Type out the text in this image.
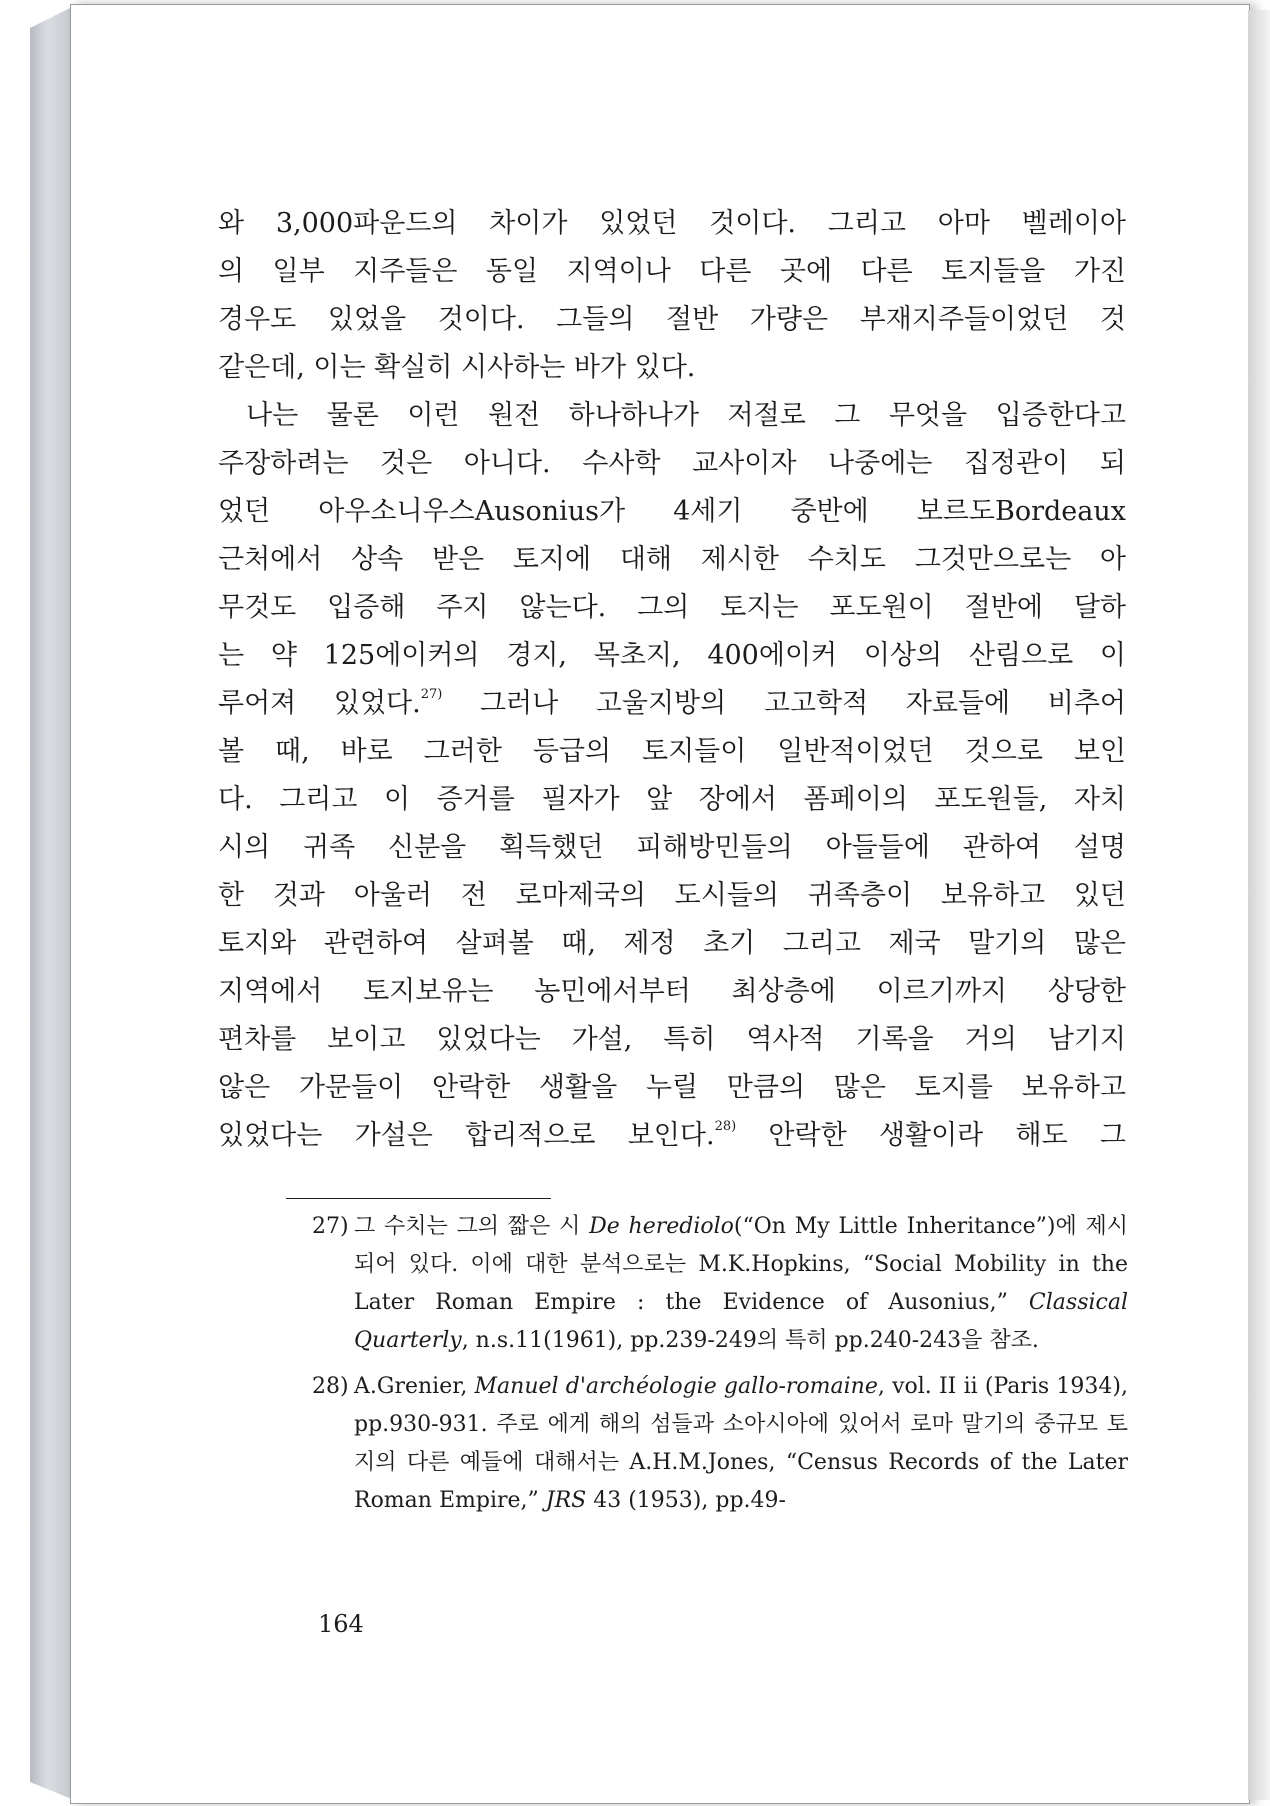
와 3,000파운드의 차이가 있었던 것이다. 그리고 아마 벨레이아

의 일부 지주들은 동일 지역이나 다른 곳에 다른 토지들을 가진

경우도 있었을 것이다. 그들의 절반 가량은 부재지주들이었던 것

같은데, 이는 확실히 시사하는 바가 있다.

나는 물론 이런 원전 하나하나가 저절로 그 무엇을 입증한다고

주장하려는 것은 아니다. 수사학 교사이자 나중에는 집정관이 되

었던 아우소니우스Ausonius가 4세기 중반에 보르도Bordeaux

근처에서 상속 받은 토지에 대해 제시한 수치도 그것만으로는 아

무것도 입증해 주지 않는다. 그의 토지는 포도원이 절반에 달하

는 약 125에이커의 경지, 목초지, 400에이커 이상의 산림으로 이

루어져 있었다.$^{27)}$ 그러나 고울지방의 고고학적 자료들에 비추어

볼 때, 바로 그러한 등급의 토지들이 일반적이었던 것으로 보인

다. 그리고 이 증거를 필자가 앞 장에서 폼페이의 포도원들, 자치

시의 귀족 신분을 획득했던 피해방민들의 아들들에 관하여 설명

한 것과 아울러 전 로마제국의 도시들의 귀족층이 보유하고 있던

토지와 관련하여 살펴볼 때, 제정 초기 그리고 제국 말기의 많은

지역에서 토지보유는 농민에서부터 최상층에 이르기까지 상당한

편차를 보이고 있었다는 가설, 특히 역사적 기록을 거의 남기지

않은 가문들이 안락한 생활을 누릴 만큼의 많은 토지를 보유하고

있었다는 가설은 합리적으로 보인다.$^{28)}$ 안락한 생활이라 해도 그

27) 그 수치는 그의 짧은 시 De herediolo(“On My Little Inheritance”)에 제시되어 있다. 이에 대한 분석으로는 M.K.Hopkins, “Social Mobility in the Later Roman Empire : the Evidence of Ausonius,” Classical Quarterly, n.s.11(1961), pp.239-249의 특히 pp.240-243을 참조.
28) A.Grenier, Manuel d'archéologie gallo-romaine, vol. II ii (Paris 1934), pp.930-931. 주로 에게 해의 섬들과 소아시아에 있어서 로마 말기의 중규모 토지의 다른 예들에 대해서는 A.H.M.Jones, “Census Records of the Later Roman Empire,” JRS 43 (1953), pp.49-
164
